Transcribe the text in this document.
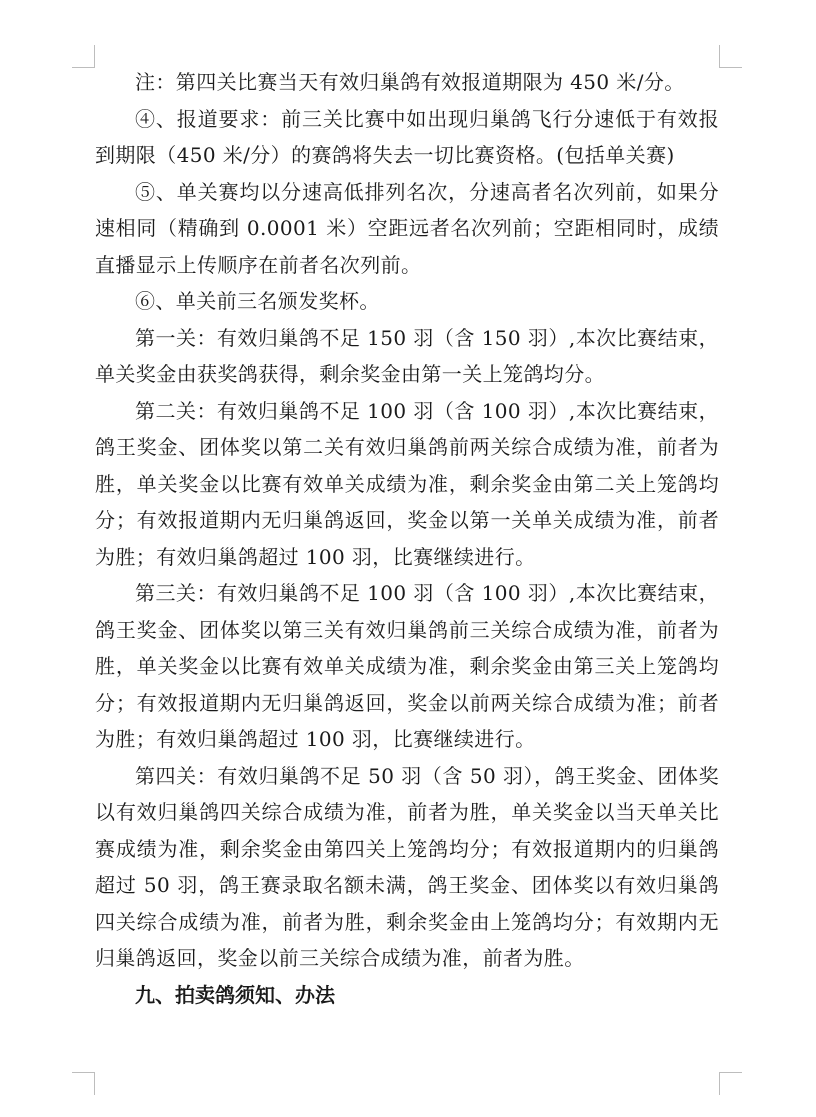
注：第四关比赛当天有效归巢鸽有效报道期限为 450 米/分。

④、报道要求：前三关比赛中如出现归巢鸽飞行分速低于有效报到期限（450 米/分）的赛鸽将失去一切比赛资格。(包括单关赛)

⑤、单关赛均以分速高低排列名次，分速高者名次列前，如果分速相同（精确到 0.0001 米）空距远者名次列前；空距相同时，成绩直播显示上传顺序在前者名次列前。

⑥、单关前三名颁发奖杯。

第一关：有效归巢鸽不足 150 羽（含 150 羽）,本次比赛结束，单关奖金由获奖鸽获得，剩余奖金由第一关上笼鸽均分。

第二关：有效归巢鸽不足 100 羽（含 100 羽）,本次比赛结束，鸽王奖金、团体奖以第二关有效归巢鸽前两关综合成绩为准，前者为胜，单关奖金以比赛有效单关成绩为准，剩余奖金由第二关上笼鸽均分；有效报道期内无归巢鸽返回，奖金以第一关单关成绩为准，前者为胜；有效归巢鸽超过 100 羽，比赛继续进行。

第三关：有效归巢鸽不足 100 羽（含 100 羽）,本次比赛结束，鸽王奖金、团体奖以第三关有效归巢鸽前三关综合成绩为准，前者为胜，单关奖金以比赛有效单关成绩为准，剩余奖金由第三关上笼鸽均分；有效报道期内无归巢鸽返回，奖金以前两关综合成绩为准；前者为胜；有效归巢鸽超过 100 羽，比赛继续进行。

第四关：有效归巢鸽不足 50 羽（含 50 羽），鸽王奖金、团体奖以有效归巢鸽四关综合成绩为准，前者为胜，单关奖金以当天单关比赛成绩为准，剩余奖金由第四关上笼鸽均分；有效报道期内的归巢鸽超过 50 羽，鸽王赛录取名额未满，鸽王奖金、团体奖以有效归巢鸽四关综合成绩为准，前者为胜，剩余奖金由上笼鸽均分；有效期内无归巢鸽返回，奖金以前三关综合成绩为准，前者为胜。

九、拍卖鸽须知、办法
